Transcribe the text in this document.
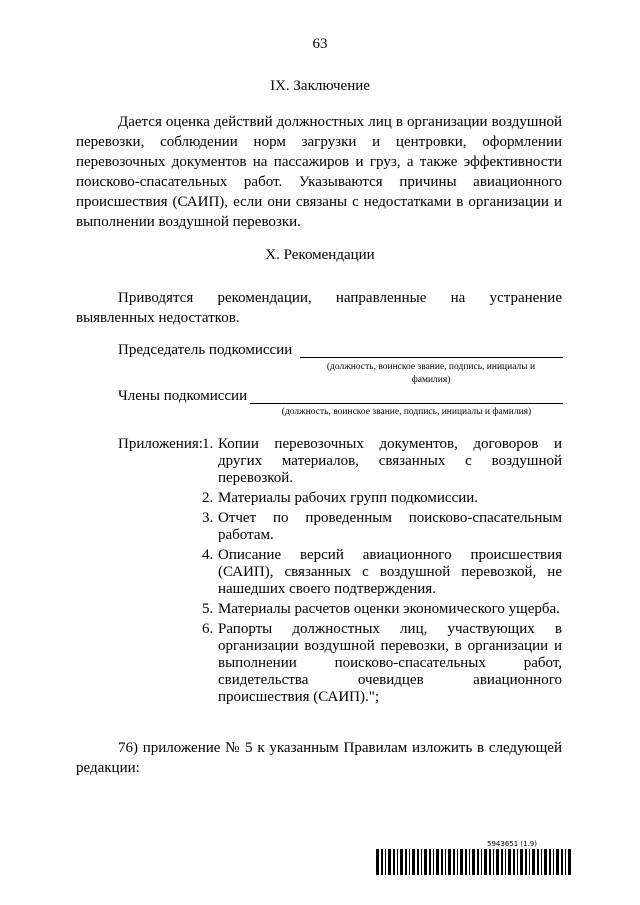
63
IX. Заключение
Дается оценка действий должностных лиц в организации воздушной перевозки, соблюдении норм загрузки и центровки, оформлении перевозочных документов на пассажиров и груз, а также эффективности поисково-спасательных работ. Указываются причины авиационного происшествия (САИП), если они связаны с недостатками в организации и выполнении воздушной перевозки.
X. Рекомендации
Приводятся рекомендации, направленные на устранение выявленных недостатков.
Председатель подкомиссии
(должность, воинское звание, подпись, инициалы и фамилия)
Члены подкомиссии
(должность, воинское звание, подпись, инициалы и фамилия)
Приложения: 1. Копии перевозочных документов, договоров и других материалов, связанных с воздушной перевозкой.
2. Материалы рабочих групп подкомиссии.
3. Отчет по проведенным поисково-спасательным работам.
4. Описание версий авиационного происшествия (САИП), связанных с воздушной перевозкой, не нашедших своего подтверждения.
5. Материалы расчетов оценки экономического ущерба.
6. Рапорты должностных лиц, участвующих в организации воздушной перевозки, в организации и выполнении поисково-спасательных работ, свидетельства очевидцев авиационного происшествия (САИП).";
76) приложение № 5 к указанным Правилам изложить в следующей редакции:
5943651 (1.9)
